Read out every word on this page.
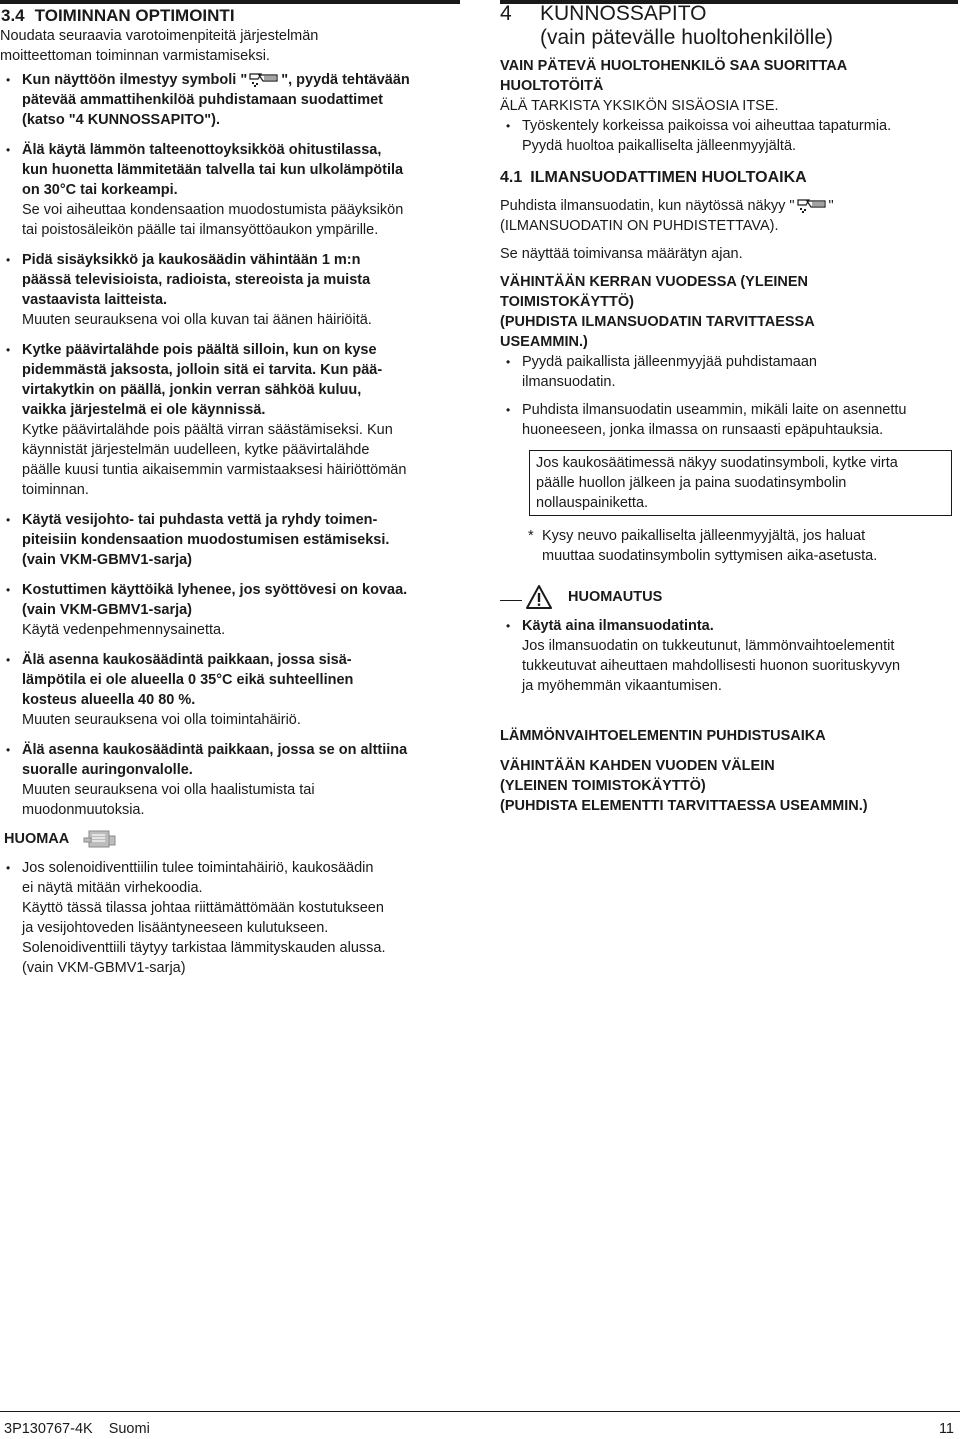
3.4 TOIMINNAN OPTIMOINTI

Noudata seuraavia varotoimenpiteitä järjestelmän

moitteettoman toiminnan varmistamiseksi.

• Kun näyttöön ilmestyy symboli " ", pyydä tehtävään

pätevää ammattihenkilöä puhdistamaan suodattimet

(katso "4 KUNNOSSAPITO").

• Älä käytä lämmön talteenottoyksikköä ohitustilassa,

kun huonetta lämmitetään talvella tai kun ulkolämpötila

on 30°C tai korkeampi.

Se voi aiheuttaa kondensaation muodostumista pääyksikön

tai poistosäleikön päälle tai ilmansyöttöaukon ympärille.

• Pidä sisäyksikkö ja kaukosäädin vähintään 1 m:n

päässä televisioista, radioista, stereoista ja muista

vastaavista laitteista.

Muuten seurauksena voi olla kuvan tai äänen häiriöitä.

• Kytke päävirtalähde pois päältä silloin, kun on kyse

pidemmästä jaksosta, jolloin sitä ei tarvita. Kun pää-

virtakytkin on päällä, jonkin verran sähköä kuluu,

vaikka järjestelmä ei ole käynnissä.

Kytke päävirtalähde pois päältä virran säästämiseksi. Kun

käynnistät järjestelmän uudelleen, kytke päävirtalähde

päälle kuusi tuntia aikaisemmin varmistaaksesi häiriöttömän

toiminnan.

• Käytä vesijohto- tai puhdasta vettä ja ryhdy toimen-

piteisiin kondensaation muodostumisen estämiseksi.

(vain VKM-GBMV1-sarja)

• Kostuttimen käyttöikä lyhenee, jos syöttövesi on kovaa.

(vain VKM-GBMV1-sarja)

Käytä vedenpehmennysainetta.

• Älä asenna kaukosäädintä paikkaan, jossa sisä-

lämpötila ei ole alueella 0 35°C eikä suhteellinen

kosteus alueella 40 80 %.

Muuten seurauksena voi olla toimintahäiriö.

• Älä asenna kaukosäädintä paikkaan, jossa se on alttiina

suoralle auringonvalolle.

Muuten seurauksena voi olla haalistumista tai

muodonmuutoksia.

HUOMAA

• Jos solenoidiventtiilin tulee toimintahäiriö, kaukosäädin

ei näytä mitään virhekoodia.

Käyttö tässä tilassa johtaa riittämättömään kostutukseen

ja vesijohtoveden lisääntyneeseen kulutukseen.

Solenoidiventtiili täytyy tarkistaa lämmityskauden alussa.

(vain VKM-GBMV1-sarja)

4 KUNNOSSAPITO

(vain pätevälle huoltohenkilölle)

VAIN PÄTEVÄ HUOLTOHENKILÖ SAA SUORITTAA

HUOLTOTÖITÄ

ÄLÄ TARKISTA YKSIKÖN SISÄOSIA ITSE.

• Työskentely korkeissa paikoissa voi aiheuttaa tapaturmia.

Pyydä huoltoa paikalliselta jälleenmyyjältä.

4.1 ILMANSUODATTIMEN HUOLTOAIKA

Puhdista ilmansuodatin, kun näytössä näkyy " "

(ILMANSUODATIN ON PUHDISTETTAVA).

Se näyttää toimivansa määrätyn ajan.

VÄHINTÄÄN KERRAN VUODESSA (YLEINEN

TOIMISTOKÄYTTÖ)

(PUHDISTA ILMANSUODATIN TARVITTAESSA

USEAMMIN.)

• Pyydä paikallista jälleenmyyjää puhdistamaan

ilmansuodatin.

• Puhdista ilmansuodatin useammin, mikäli laite on asennettu

huoneeseen, jonka ilmassa on runsaasti epäpuhtauksia.

Jos kaukosäätimessä näkyy suodatinsymboli, kytke virta

päälle huollon jälkeen ja paina suodatinsymbolin

nollauspainiketta.

* Kysy neuvo paikalliselta jälleenmyyjältä, jos haluat

muuttaa suodatinsymbolin syttymisen aika-asetusta.

HUOMAUTUS

• Käytä aina ilmansuodatinta.

Jos ilmansuodatin on tukkeutunut, lämmönvaihtoelementit

tukkeutuvat aiheuttaen mahdollisesti huonon suorituskyvyn

ja myöhemmän vikaantumisen.

LÄMMÖNVAIHTOELEMENTIN PUHDISTUSAIKA

VÄHINTÄÄN KAHDEN VUODEN VÄLEIN

(YLEINEN TOIMISTOKÄYTTÖ)

(PUHDISTA ELEMENTTI TARVITTAESSA USEAMMIN.)

3P130767-4K Suomi	11
